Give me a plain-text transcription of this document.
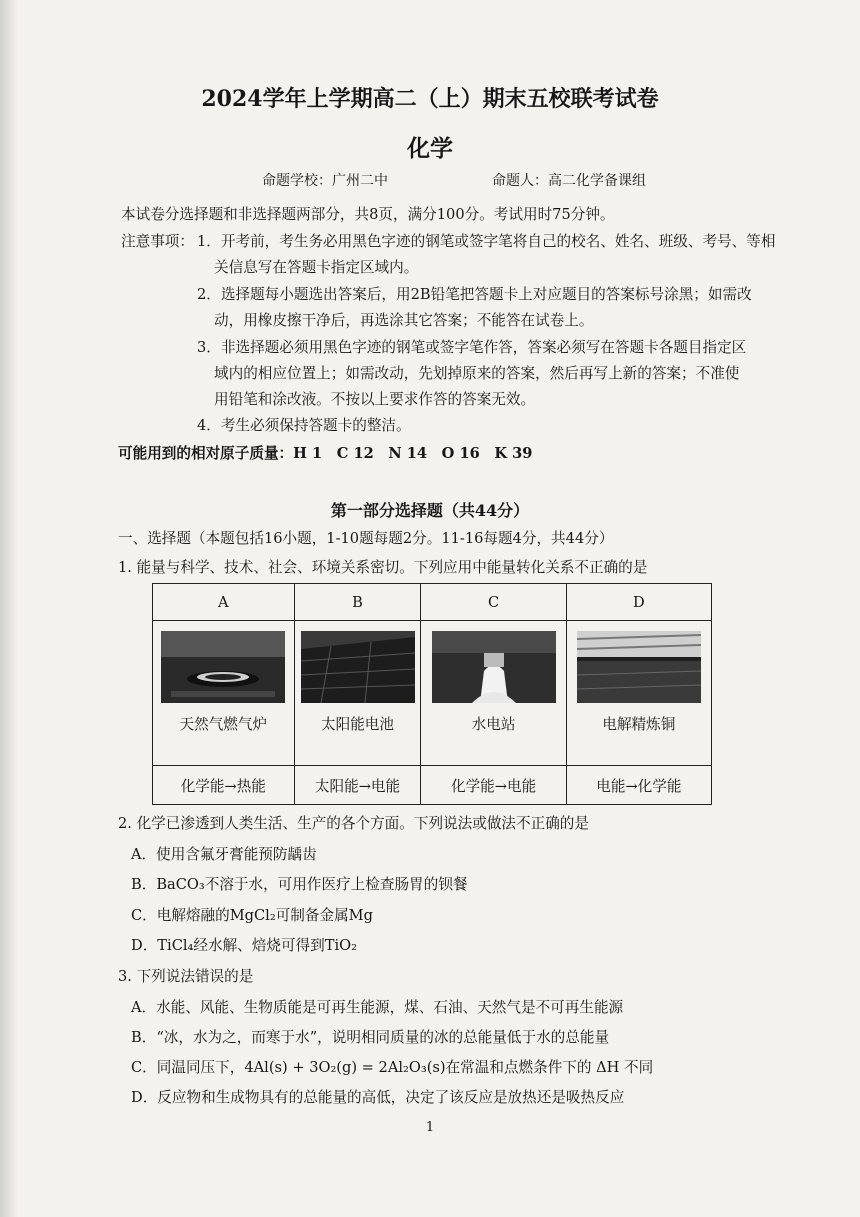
2024学年上学期高二（上）期末五校联考试卷
化学
命题学校：广州二中	命题人：高二化学备课组
本试卷分选择题和非选择题两部分，共8页，满分100分。考试用时75分钟。
注意事项： 1．开考前，考生务必用黑色字迹的钢笔或签字笔将自己的校名、姓名、班级、考号、等相
关信息写在答题卡指定区域内。
2．选择题每小题选出答案后，用2B铅笔把答题卡上对应题目的答案标号涂黑；如需改
动，用橡皮擦干净后，再选涂其它答案；不能答在试卷上。
3．非选择题必须用黑色字迹的钢笔或签字笔作答，答案必须写在答题卡各题目指定区
域内的相应位置上；如需改动，先划掉原来的答案，然后再写上新的答案；不准使
用铅笔和涂改液。不按以上要求作答的答案无效。
4．考生必须保持答题卡的整洁。
可能用到的相对原子质量：H 1　C 12　N 14　O 16　K 39
第一部分选择题（共44分）
一、选择题（本题包括16小题，1-10题每题2分。11-16每题4分，共44分）
1. 能量与科学、技术、社会、环境关系密切。下列应用中能量转化关系不正确的是
A	B	C	D

天然气燃气炉	太阳能电池	水电站	电解精炼铜

化学能→热能	太阳能→电能	化学能→电能	电能→化学能
2. 化学已渗透到人类生活、生产的各个方面。下列说法或做法不正确的是
A．使用含氟牙膏能预防龋齿
B．BaCO₃不溶于水，可用作医疗上检查肠胃的钡餐
C．电解熔融的MgCl₂可制备金属Mg
D．TiCl₄经水解、焙烧可得到TiO₂
3. 下列说法错误的是
A．水能、风能、生物质能是可再生能源，煤、石油、天然气是不可再生能源
B．“冰，水为之，而寒于水”，说明相同质量的冰的总能量低于水的总能量
C．同温同压下，4Al(s) + 3O₂(g) = 2Al₂O₃(s)在常温和点燃条件下的 ΔH 不同
D．反应物和生成物具有的总能量的高低，决定了该反应是放热还是吸热反应
1
